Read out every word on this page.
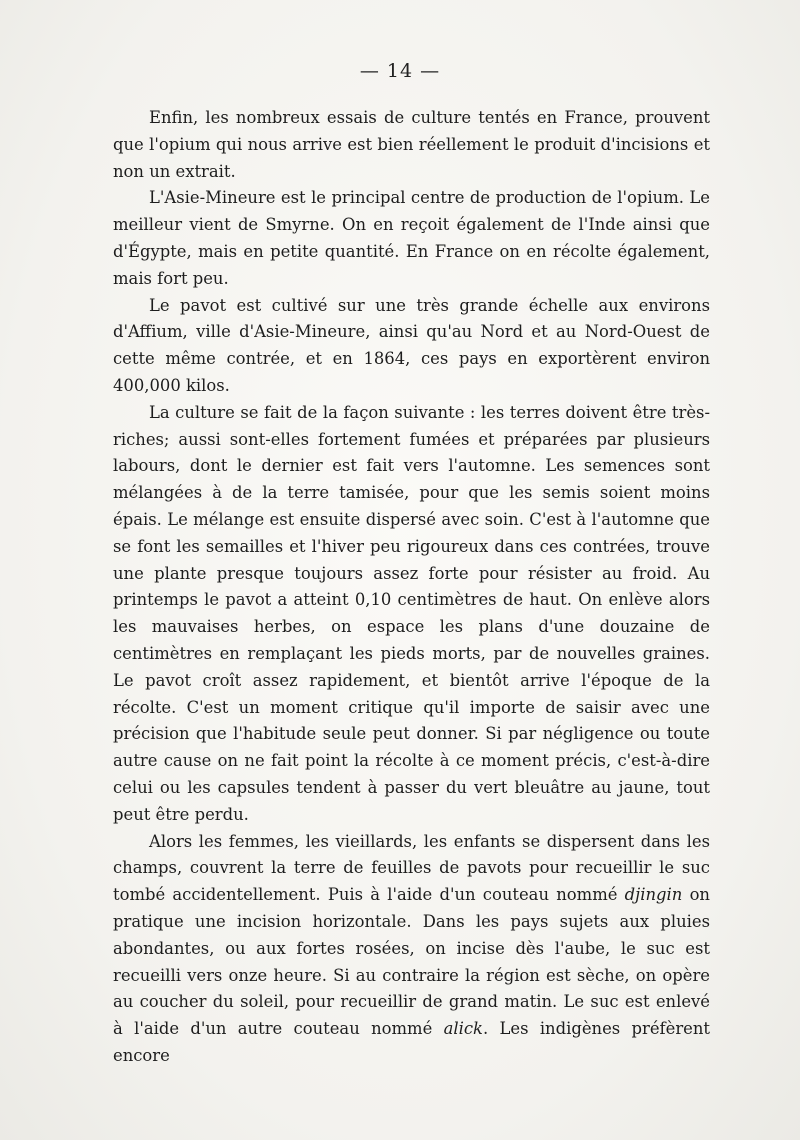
— 14 —

Enfin, les nombreux essais de culture tentés en France, prouvent que l'opium qui nous arrive est bien réellement le produit d'incisions et non un extrait.

L'Asie-Mineure est le principal centre de production de l'opium. Le meilleur vient de Smyrne. On en reçoit également de l'Inde ainsi que d'Égypte, mais en petite quantité. En France on en récolte également, mais fort peu.

Le pavot est cultivé sur une très grande échelle aux environs d'Affium, ville d'Asie-Mineure, ainsi qu'au Nord et au Nord-Ouest de cette même contrée, et en 1864, ces pays en exportèrent environ 400,000 kilos.

La culture se fait de la façon suivante : les terres doivent être très-riches; aussi sont-elles fortement fumées et préparées par plusieurs labours, dont le dernier est fait vers l'automne. Les semences sont mélangées à de la terre tamisée, pour que les semis soient moins épais. Le mélange est ensuite dispersé avec soin. C'est à l'automne que se font les semailles et l'hiver peu rigoureux dans ces contrées, trouve une plante presque toujours assez forte pour résister au froid. Au printemps le pavot a atteint 0,10 centimètres de haut. On enlève alors les mauvaises herbes, on espace les plans d'une douzaine de centimètres en remplaçant les pieds morts, par de nouvelles graines. Le pavot croît assez rapidement, et bientôt arrive l'époque de la récolte. C'est un moment critique qu'il importe de saisir avec une précision que l'habitude seule peut donner. Si par négligence ou toute autre cause on ne fait point la récolte à ce moment précis, c'est-à-dire celui ou les capsules tendent à passer du vert bleuâtre au jaune, tout peut être perdu.

Alors les femmes, les vieillards, les enfants se dispersent dans les champs, couvrent la terre de feuilles de pavots pour recueillir le suc tombé accidentellement. Puis à l'aide d'un couteau nommé djingin on pratique une incision horizontale. Dans les pays sujets aux pluies abondantes, ou aux fortes rosées, on incise dès l'aube, le suc est recueilli vers onze heure. Si au contraire la région est sèche, on opère au coucher du soleil, pour recueillir de grand matin. Le suc est enlevé à l'aide d'un autre couteau nommé alick. Les indigènes préfèrent encore
